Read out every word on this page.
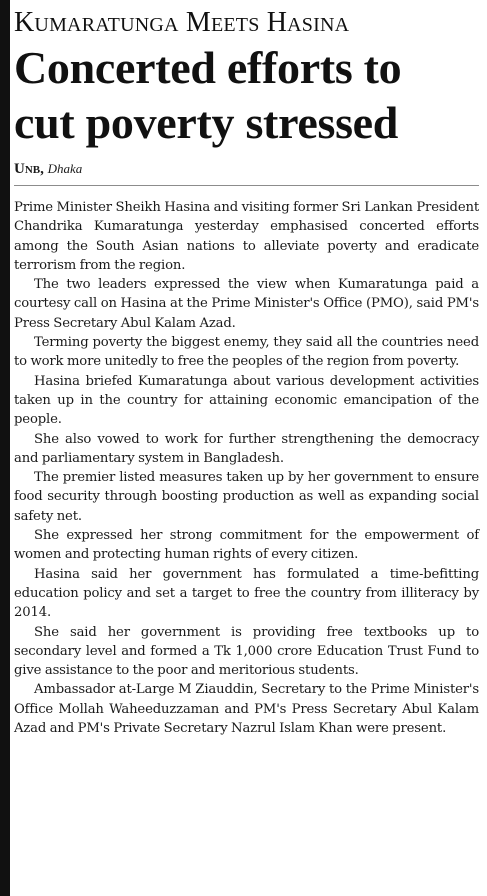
Kumaratunga Meets Hasina
Concerted efforts to
cut poverty stressed
Unb, Dhaka

Prime Minister Sheikh Hasina and visiting former Sri Lankan President Chandrika Kumaratunga yesterday emphasised concerted efforts among the South Asian nations to alleviate poverty and eradicate terrorism from the region.

The two leaders expressed the view when Kumaratunga paid a courtesy call on Hasina at the Prime Minister's Office (PMO), said PM's Press Secretary Abul Kalam Azad.

Terming poverty the biggest enemy, they said all the countries need to work more unitedly to free the peoples of the region from poverty.

Hasina briefed Kumaratunga about various development activities taken up in the country for attaining economic emancipation of the people.

She also vowed to work for further strengthening the democracy and parliamentary system in Bangladesh.

The premier listed measures taken up by her government to ensure food security through boosting production as well as expanding social safety net.

She expressed her strong commitment for the empowerment of women and protecting human rights of every citizen.

Hasina said her government has formulated a time-befitting education policy and set a target to free the country from illiteracy by 2014.

She said her government is providing free textbooks up to secondary level and formed a Tk 1,000 crore Education Trust Fund to give assistance to the poor and meritorious students.

Ambassador at-Large M Ziauddin, Secretary to the Prime Minister's Office Mollah Waheeduzzaman and PM's Press Secretary Abul Kalam Azad and PM's Private Secretary Nazrul Islam Khan were present.
